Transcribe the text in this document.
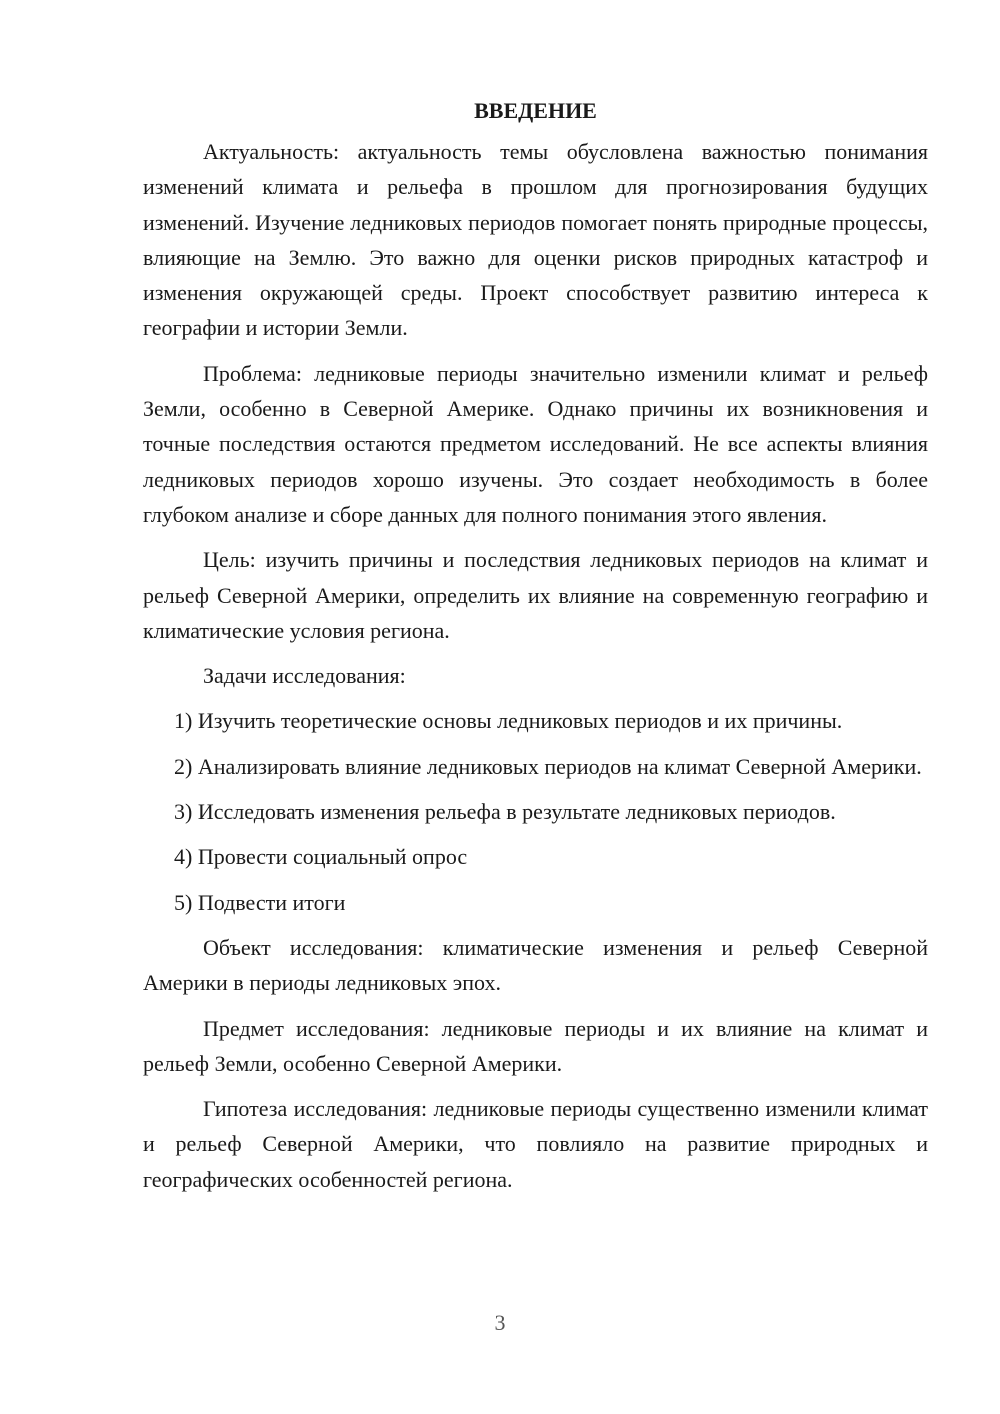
ВВЕДЕНИЕ

Актуальность: актуальность темы обусловлена важностью понимания изменений климата и рельефа в прошлом для прогнозирования будущих изменений. Изучение ледниковых периодов помогает понять природные процессы, влияющие на Землю. Это важно для оценки рисков природных катастроф и изменения окружающей среды. Проект способствует развитию интереса к географии и истории Земли.

Проблема: ледниковые периоды значительно изменили климат и рельеф Земли, особенно в Северной Америке. Однако причины их возникновения и точные последствия остаются предметом исследований. Не все аспекты влияния ледниковых периодов хорошо изучены. Это создает необходимость в более глубоком анализе и сборе данных для полного понимания этого явления.

Цель: изучить причины и последствия ледниковых периодов на климат и рельеф Северной Америки, определить их влияние на современную географию и климатические условия региона.

Задачи исследования:

1) Изучить теоретические основы ледниковых периодов и их причины.

2) Анализировать влияние ледниковых периодов на климат Северной Америки.

3) Исследовать изменения рельефа в результате ледниковых периодов.

4) Провести социальный опрос

5) Подвести итоги

Объект исследования: климатические изменения и рельеф Северной Америки в периоды ледниковых эпох.

Предмет исследования: ледниковые периоды и их влияние на климат и рельеф Земли, особенно Северной Америки.

Гипотеза исследования: ледниковые периоды существенно изменили климат и рельеф Северной Америки, что повлияло на развитие природных и географических особенностей региона.

3
